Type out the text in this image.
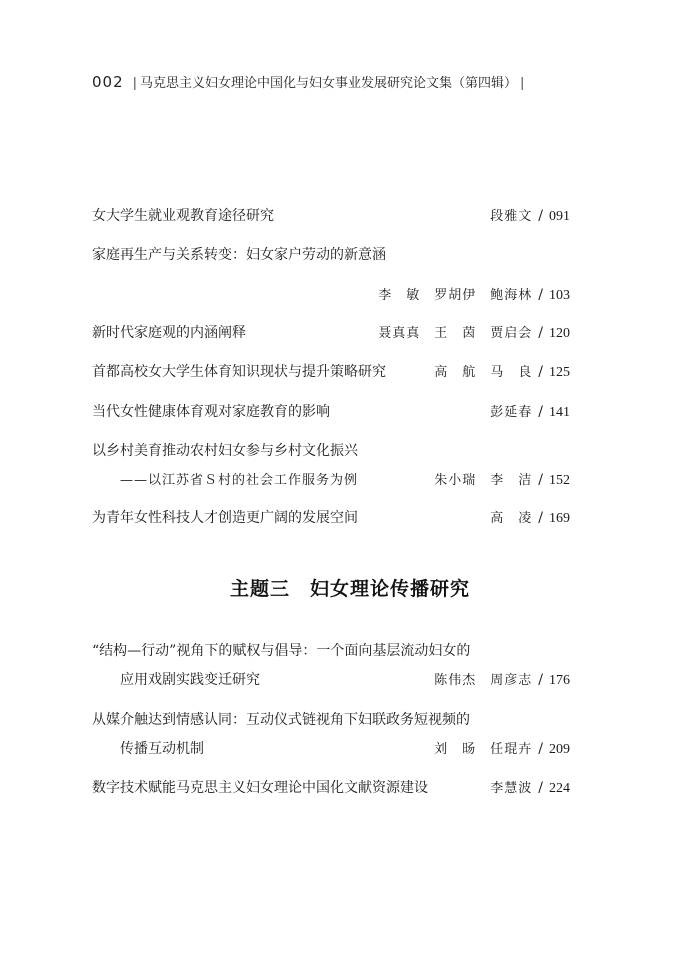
002 | 马克思主义妇女理论中国化与妇女事业发展研究论文集（第四辑） |
女大学生就业观教育途径研究	段雅文 / 091
家庭再生产与关系转变：妇女家户劳动的新意涵
李　敏　罗胡伊　鲍海林 / 103
新时代家庭观的内涵阐释	聂真真　王　茵　贾启会 / 120
首都高校女大学生体育知识现状与提升策略研究	高　航　马　良 / 125
当代女性健康体育观对家庭教育的影响	彭延春 / 141
以乡村美育推动农村妇女参与乡村文化振兴
——以江苏省Ｓ村的社会工作服务为例	朱小瑞　李　洁 / 152
为青年女性科技人才创造更广阔的发展空间	高　凌 / 169
主题三 妇女理论传播研究
“结构—行动”视角下的赋权与倡导：一个面向基层流动妇女的
应用戏剧实践变迁研究	陈伟杰　周彦志 / 176
从媒介触达到情感认同：互动仪式链视角下妇联政务短视频的
传播互动机制	刘　旸　任琨卉 / 209
数字技术赋能马克思主义妇女理论中国化文献资源建设	李慧波 / 224
